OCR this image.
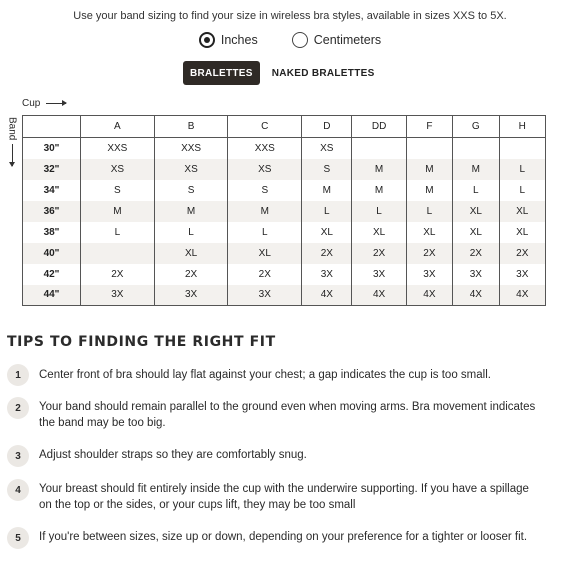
Use your band sizing to find your size in wireless bra styles, available in sizes XXS to 5X.
Inches	Centimeters
BRALETTES	NAKED BRALETTES
Cup
Band
		A	B	C	D	DD	F	G	H
30"	XXS	XXS	XXS	XS				
32"	XS	XS	XS	S	M	M	M	L
34"	S	S	S	M	M	M	L	L
36"	M	M	M	L	L	L	XL	XL
38"	L	L	L	XL	XL	XL	XL	XL
40"		XL	XL	2X	2X	2X	2X	2X
42"	2X	2X	2X	3X	3X	3X	3X	3X
44"	3X	3X	3X	4X	4X	4X	4X	4X
TIPS TO FINDING THE RIGHT FIT
1	Center front of bra should lay flat against your chest; a gap indicates the cup is too small.
2	Your band should remain parallel to the ground even when moving arms. Bra movement indicates the band may be too big.
3	Adjust shoulder straps so they are comfortably snug.
4	Your breast should fit entirely inside the cup with the underwire supporting. If you have a spillage on the top or the sides, or your cups lift, they may be too small
5	If you're between sizes, size up or down, depending on your preference for a tighter or looser fit.
